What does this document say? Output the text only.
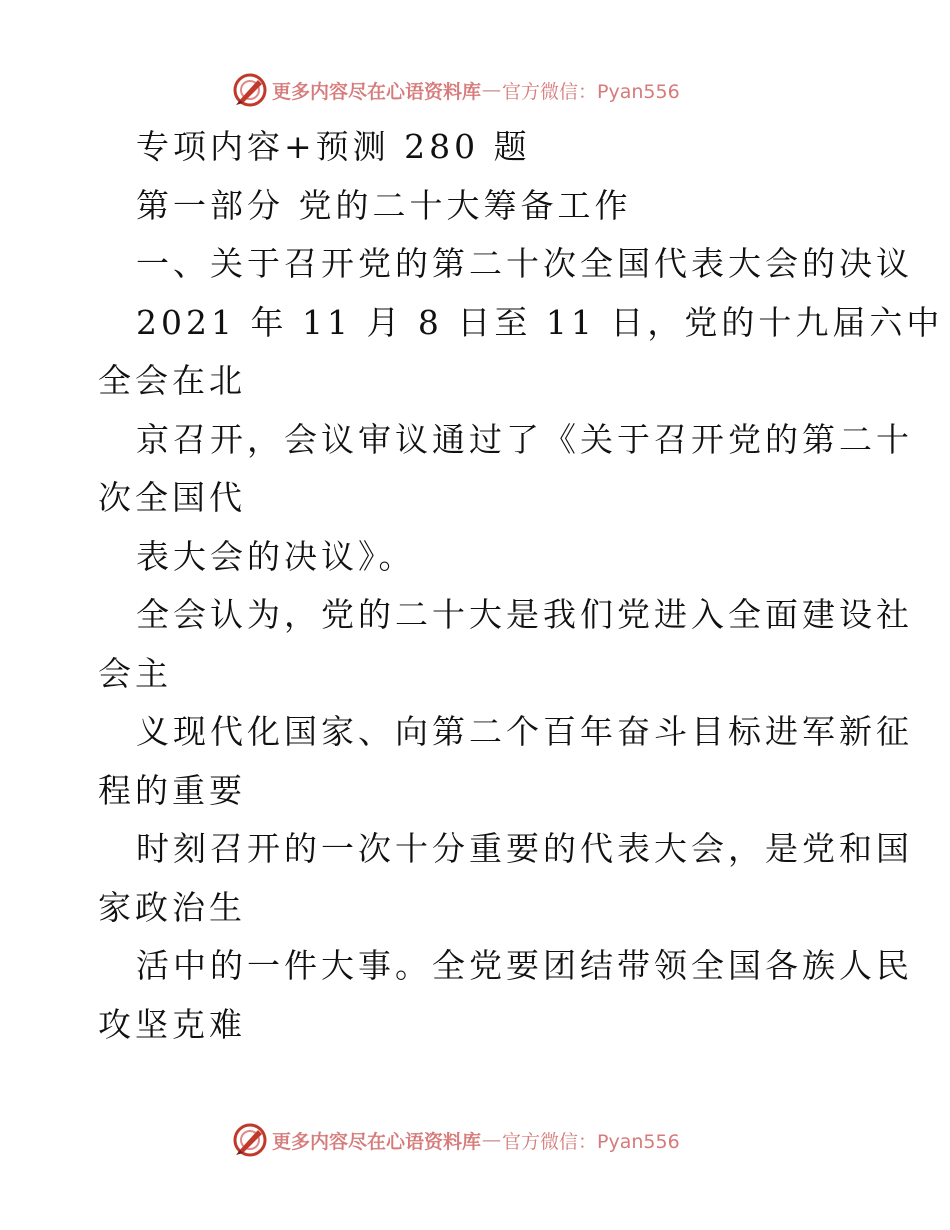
更多内容尽在心语资料库 — 官方微信：Pyan556
专项内容+预测 280 题
第一部分 党的二十大筹备工作
一、关于召开党的第二十次全国代表大会的决议
2021 年 11 月 8 日至 11 日，党的十九届六中
全会在北
京召开，会议审议通过了《关于召开党的第二十
次全国代
表大会的决议》。
全会认为，党的二十大是我们党进入全面建设社
会主
义现代化国家、向第二个百年奋斗目标进军新征
程的重要
时刻召开的一次十分重要的代表大会，是党和国
家政治生
活中的一件大事。全党要团结带领全国各族人民
攻坚克难
更多内容尽在心语资料库 — 官方微信：Pyan556
